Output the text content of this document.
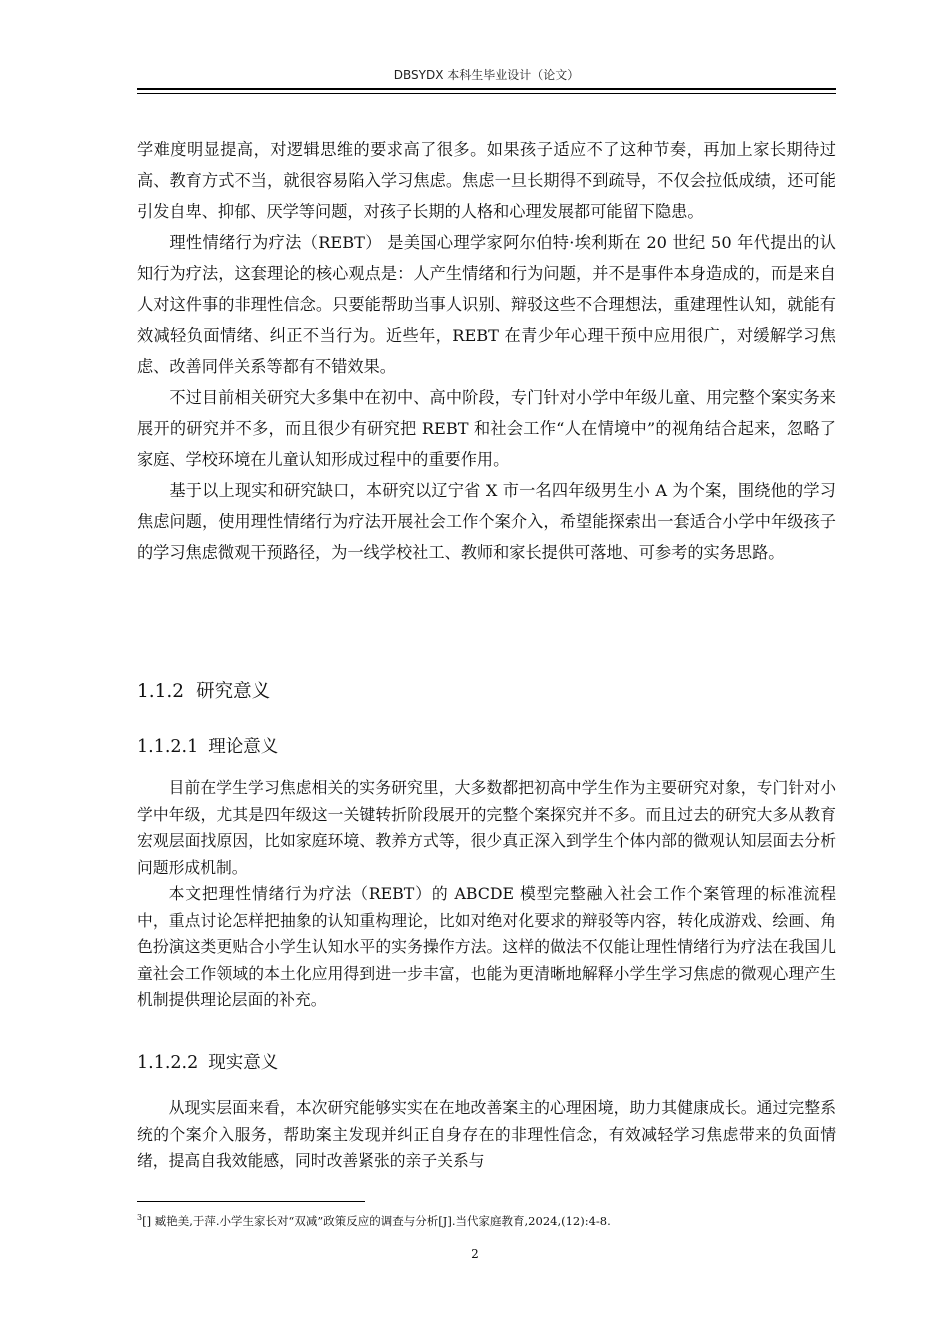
DBSYDX 本科生毕业设计（论文）

学难度明显提高，对逻辑思维的要求高了很多。如果孩子适应不了这种节奏，再加上家长期待过高、教育方式不当，就很容易陷入学习焦虑。焦虑一旦长期得不到疏导，不仅会拉低成绩，还可能引发自卑、抑郁、厌学等问题，对孩子长期的人格和心理发展都可能留下隐患。

理性情绪行为疗法（REBT） 是美国心理学家阿尔伯特·埃利斯在 20 世纪 50 年代提出的认知行为疗法，这套理论的核心观点是：人产生情绪和行为问题，并不是事件本身造成的，而是来自人对这件事的非理性信念。只要能帮助当事人识别、辩驳这些不合理想法，重建理性认知，就能有效减轻负面情绪、纠正不当行为。近些年，REBT 在青少年心理干预中应用很广，对缓解学习焦虑、改善同伴关系等都有不错效果。

不过目前相关研究大多集中在初中、高中阶段，专门针对小学中年级儿童、用完整个案实务来展开的研究并不多，而且很少有研究把 REBT 和社会工作“人在情境中”的视角结合起来，忽略了家庭、学校环境在儿童认知形成过程中的重要作用。

基于以上现实和研究缺口，本研究以辽宁省 X 市一名四年级男生小 A 为个案，围绕他的学习焦虑问题，使用理性情绪行为疗法开展社会工作个案介入，希望能探索出一套适合小学中年级孩子的学习焦虑微观干预路径，为一线学校社工、教师和家长提供可落地、可参考的实务思路。

1.1.2 研究意义
1.1.2.1 理论意义

目前在学生学习焦虑相关的实务研究里，大多数都把初高中学生作为主要研究对象，专门针对小学中年级，尤其是四年级这一关键转折阶段展开的完整个案探究并不多。而且过去的研究大多从教育宏观层面找原因，比如家庭环境、教养方式等，很少真正深入到学生个体内部的微观认知层面去分析问题形成机制。

本文把理性情绪行为疗法（REBT）的 ABCDE 模型完整融入社会工作个案管理的标准流程中，重点讨论怎样把抽象的认知重构理论，比如对绝对化要求的辩驳等内容，转化成游戏、绘画、角色扮演这类更贴合小学生认知水平的实务操作方法。这样的做法不仅能让理性情绪行为疗法在我国儿童社会工作领域的本土化应用得到进一步丰富，也能为更清晰地解释小学生学习焦虑的微观心理产生机制提供理论层面的补充。

1.1.2.2 现实意义

从现实层面来看，本次研究能够实实在在地改善案主的心理困境，助力其健康成长。通过完整系统的个案介入服务，帮助案主发现并纠正自身存在的非理性信念，有效减轻学习焦虑带来的负面情绪，提高自我效能感，同时改善紧张的亲子关系与

$^3$[] 臧艳美,于萍.小学生家长对“双减”政策反应的调查与分析[J].当代家庭教育,2024,(12):4-8.
2
